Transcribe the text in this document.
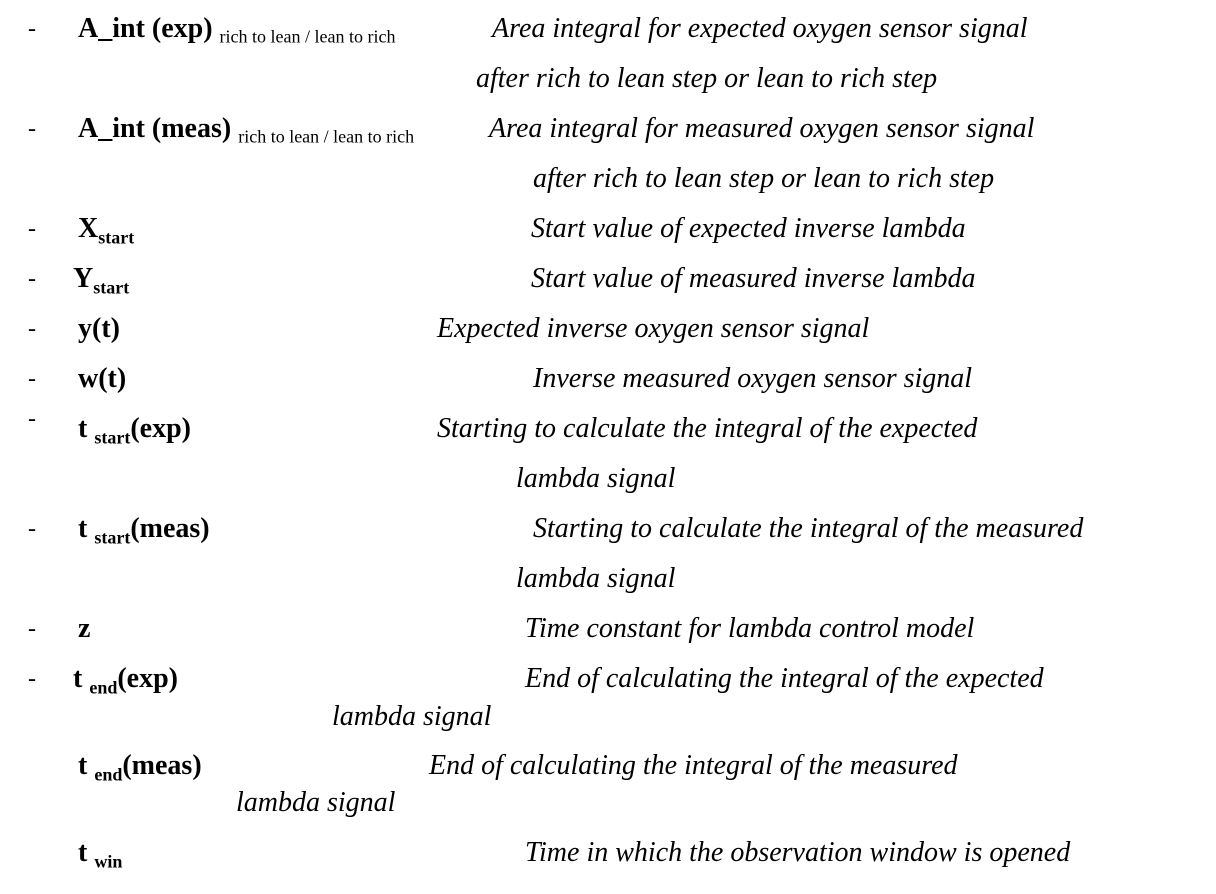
- A_int (exp) rich to lean / lean to rich	Area integral for expected oxygen sensor signal
after rich to lean step or lean to rich step
- A_int (meas) rich to lean / lean to rich	Area integral for measured oxygen sensor signal
after rich to lean step or lean to rich step
- $X_{start}$	Start value of expected inverse lambda
- $Y_{start}$	Start value of measured inverse lambda
- y(t)	Expected inverse oxygen sensor signal
- w(t)	Inverse measured oxygen sensor signal
- t $_{start}$(exp)	Starting to calculate the integral of the expected
lambda signal
- t $_{start}$(meas)	Starting to calculate the integral of the measured
lambda signal
- z	Time constant for lambda control model
- t $_{end}$(exp)	End of calculating the integral of the expected
lambda signal
t $_{end}$(meas)	End of calculating the integral of the measured
lambda signal
t $_{win}$	Time in which the observation window is opened
